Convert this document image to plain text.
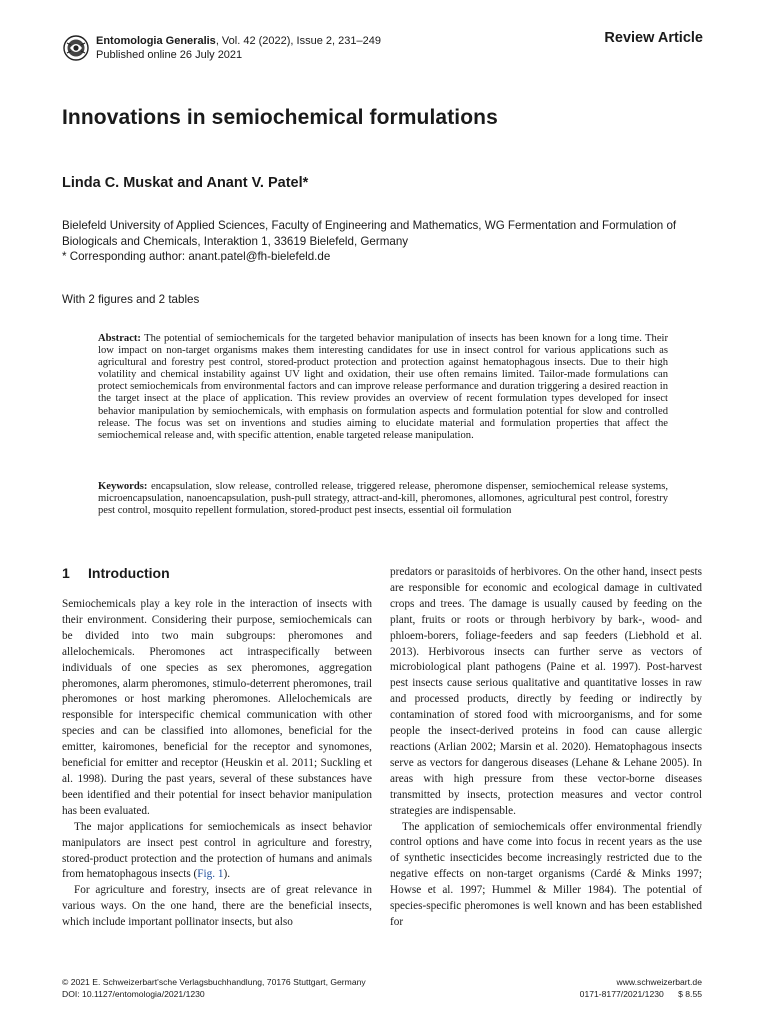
Entomologia Generalis, Vol. 42 (2022), Issue 2, 231–249
Published online 26 July 2021
Review Article
Innovations in semiochemical formulations
Linda C. Muskat and Anant V. Patel*
Bielefeld University of Applied Sciences, Faculty of Engineering and Mathematics, WG Fermentation and Formulation of
Biologicals and Chemicals, Interaktion 1, 33619 Bielefeld, Germany
* Corresponding author: anant.patel@fh-bielefeld.de
With 2 figures and 2 tables
Abstract: The potential of semiochemicals for the targeted behavior manipulation of insects has been known for a long time. Their low impact on non-target organisms makes them interesting candidates for use in insect control for various applications such as agricultural and forestry pest control, stored-product protection and protection against hematophagous insects. Due to their high volatility and chemical instability against UV light and oxidation, their use often remains limited. Tailor-made formulations can protect semiochemicals from environmental factors and can improve release performance and duration triggering a desired reaction in the target insect at the place of application. This review provides an overview of recent formulation types developed for insect behavior manipulation by semiochemicals, with emphasis on formulation aspects and formulation potential for slow and controlled release. The focus was set on inventions and studies aiming to elucidate material and formulation properties that affect the semiochemical release and, with specific attention, enable targeted release manipulation.
Keywords: encapsulation, slow release, controlled release, triggered release, pheromone dispenser, semiochemical release systems, microencapsulation, nanoencapsulation, push-pull strategy, attract-and-kill, pheromones, allomones, agricultural pest control, forestry pest control, mosquito repellent formulation, stored-product pest insects, essential oil formulation
1 Introduction

Semiochemicals play a key role in the interaction of insects with their environment. Considering their purpose, semiochemicals can be divided into two main subgroups: pheromones and allelochemicals. Pheromones act intraspecifically between individuals of one species as sex pheromones, aggregation pheromones, alarm pheromones, stimulo-deterrent pheromones, trail pheromones or host marking pheromones. Allelochemicals are responsible for interspecific chemical communication with other species and can be classified into allomones, beneficial for the emitter, kairomones, beneficial for the receptor and synomones, beneficial for emitter and receptor (Heuskin et al. 2011; Suckling et al. 1998). During the past years, several of these substances have been identified and their potential for insect behavior manipulation has been evaluated.

The major applications for semiochemicals as insect behavior manipulators are insect pest control in agriculture and forestry, stored-product protection and the protection of humans and animals from hematophagous insects (Fig. 1).

For agriculture and forestry, insects are of great relevance in various ways. On the one hand, there are the beneficial insects, which include important pollinator insects, but also

predators or parasitoids of herbivores. On the other hand, insect pests are responsible for economic and ecological damage in cultivated crops and trees. The damage is usually caused by feeding on the plant, fruits or roots or through herbivory by bark-, wood- and phloem-borers, foliage-feeders and sap feeders (Liebhold et al. 2013). Herbivorous insects can further serve as vectors of microbiological plant pathogens (Paine et al. 1997). Post-harvest pest insects cause serious qualitative and quantitative losses in raw and processed products, directly by feeding or indirectly by contamination of stored food with microorganisms, and for some people the insect-derived proteins in food can cause allergic reactions (Arlian 2002; Marsin et al. 2020). Hematophagous insects serve as vectors for dangerous diseases (Lehane & Lehane 2005). In areas with high pressure from these vector-borne diseases transmitted by insects, protection measures and vector control strategies are indispensable.

The application of semiochemicals offer environmental friendly control options and have come into focus in recent years as the use of synthetic insecticides become increasingly restricted due to the negative effects on non-target organisms (Cardé & Minks 1997; Howse et al. 1997; Hummel & Miller 1984). The potential of species-specific pheromones is well known and has been established for

© 2021 E. Schweizerbart'sche Verlagsbuchhandlung, 70176 Stuttgart, Germany
DOI: 10.1127/entomologia/2021/1230
www.schweizerbart.de
0171-8177/2021/1230      $ 8.55
